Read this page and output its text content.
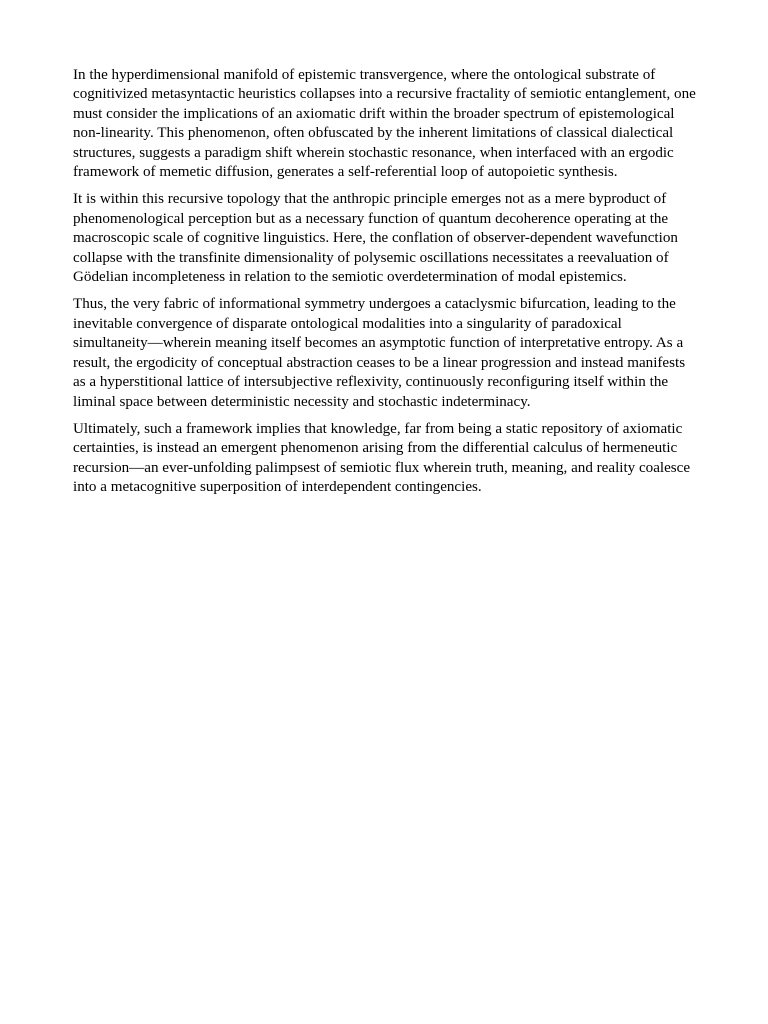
In the hyperdimensional manifold of epistemic transvergence, where the ontological substrate of cognitivized metasyntactic heuristics collapses into a recursive fractality of semiotic entanglement, one must consider the implications of an axiomatic drift within the broader spectrum of epistemological non-linearity. This phenomenon, often obfuscated by the inherent limitations of classical dialectical structures, suggests a paradigm shift wherein stochastic resonance, when interfaced with an ergodic framework of memetic diffusion, generates a self-referential loop of autopoietic synthesis.

It is within this recursive topology that the anthropic principle emerges not as a mere byproduct of phenomenological perception but as a necessary function of quantum decoherence operating at the macroscopic scale of cognitive linguistics. Here, the conflation of observer-dependent wavefunction collapse with the transfinite dimensionality of polysemic oscillations necessitates a reevaluation of Gödelian incompleteness in relation to the semiotic overdetermination of modal epistemics.

Thus, the very fabric of informational symmetry undergoes a cataclysmic bifurcation, leading to the inevitable convergence of disparate ontological modalities into a singularity of paradoxical simultaneity—wherein meaning itself becomes an asymptotic function of interpretative entropy. As a result, the ergodicity of conceptual abstraction ceases to be a linear progression and instead manifests as a hyperstitional lattice of intersubjective reflexivity, continuously reconfiguring itself within the liminal space between deterministic necessity and stochastic indeterminacy.

Ultimately, such a framework implies that knowledge, far from being a static repository of axiomatic certainties, is instead an emergent phenomenon arising from the differential calculus of hermeneutic recursion—an ever-unfolding palimpsest of semiotic flux wherein truth, meaning, and reality coalesce into a metacognitive superposition of interdependent contingencies.
